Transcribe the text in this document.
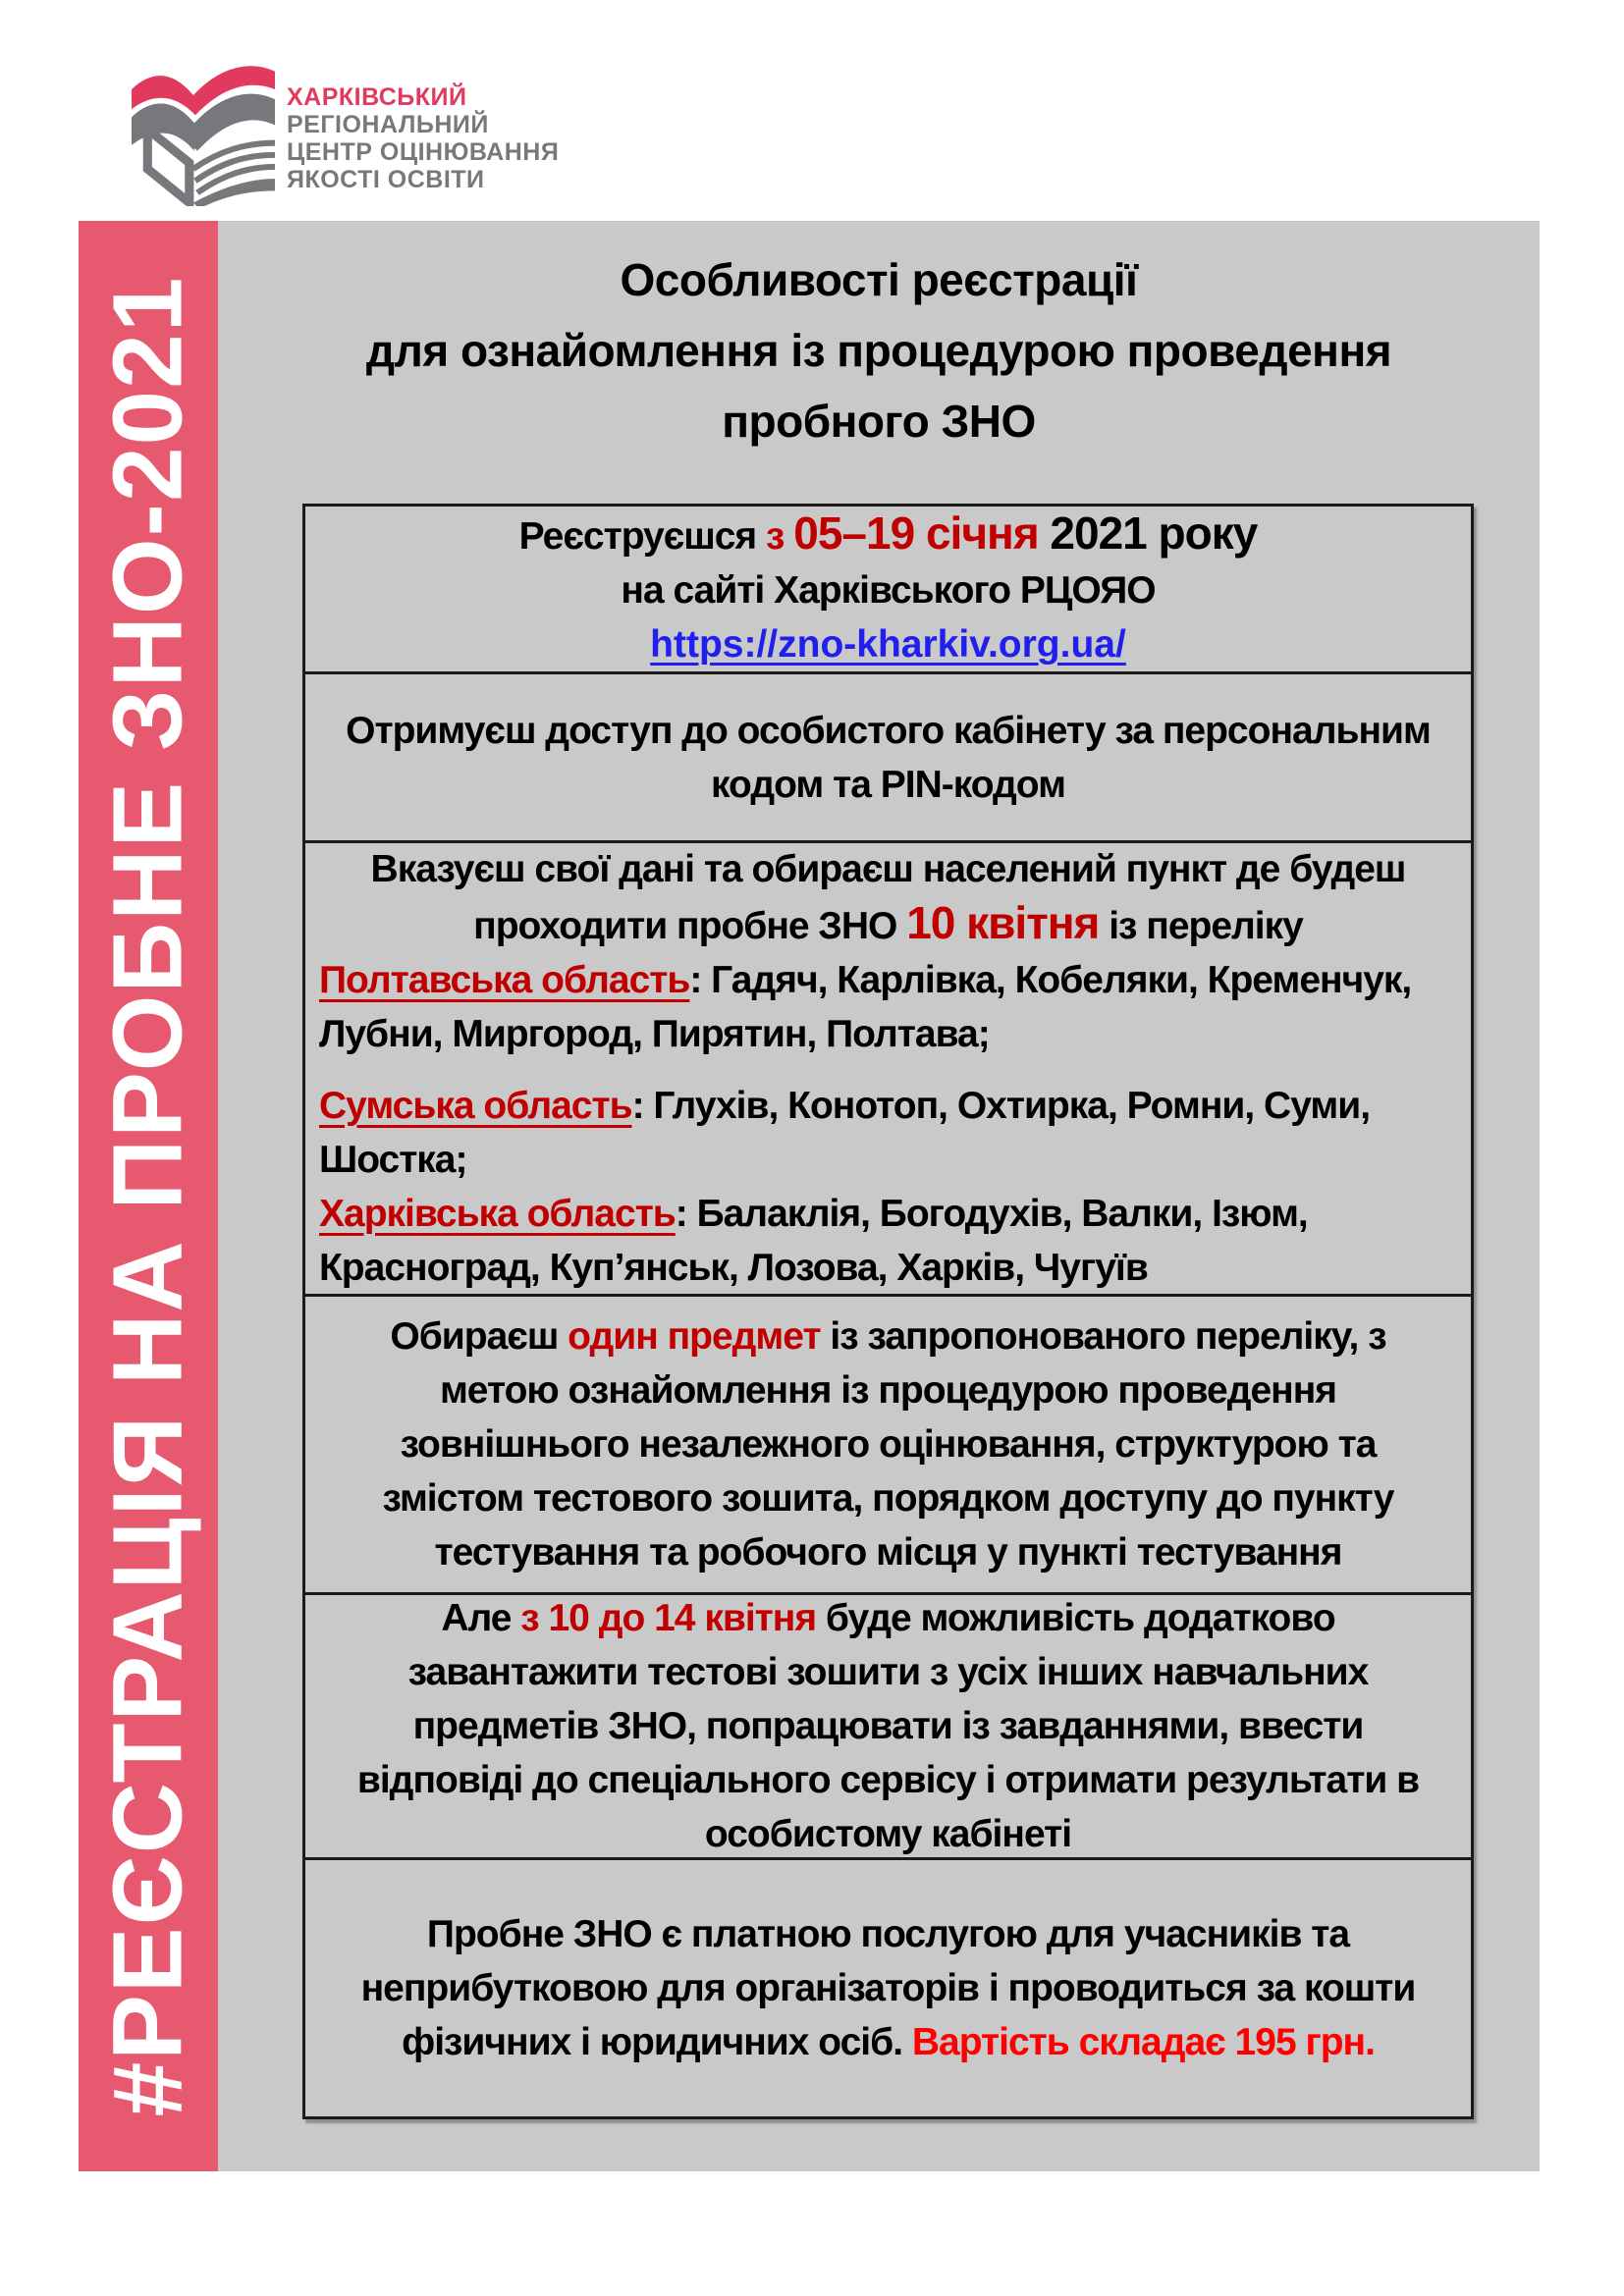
ХАРКІВСЬКИЙ
РЕГІОНАЛЬНИЙ
ЦЕНТР ОЦІНЮВАННЯ
ЯКОСТІ ОСВІТИ
#РЕЄСТРАЦІЯ НА ПРОБНЕ ЗНО-2021	Особливості реєстрації
для ознайомлення із процедурою проведення
пробного ЗНО
Реєструєшся з 05–19 січня 2021 року
на сайті Харківського РЦОЯО
https://zno-kharkiv.org.ua/
Отримуєш доступ до особистого кабінету за персональним
кодом та PIN-кодом
Вказуєш свої дані та обираєш населений пункт де будеш
проходити пробне ЗНО 10 квітня із переліку
Полтавська область: Гадяч, Карлівка, Кобеляки, Кременчук,
Лубни, Миргород, Пирятин, Полтава;
Сумська область: Глухів, Конотоп, Охтирка, Ромни, Суми,
Шостка;
Харківська область: Балаклія, Богодухів, Валки, Ізюм,
Красноград, Куп’янськ, Лозова, Харків, Чугуїв
Обираєш один предмет із запропонованого переліку, з
метою ознайомлення із процедурою проведення
зовнішнього незалежного оцінювання, структурою та
змістом тестового зошита, порядком доступу до пункту
тестування та робочого місця у пункті тестування
Але з 10 до 14 квітня буде можливість додатково
завантажити тестові зошити з усіх інших навчальних
предметів ЗНО, попрацювати із завданнями, ввести
відповіді до спеціального сервісу і отримати результати в
особистому кабінеті
Пробне ЗНО є платною послугою для учасників та
неприбутковою для організаторів і проводиться за кошти
фізичних і юридичних осіб. Вартість складає 195 грн.
